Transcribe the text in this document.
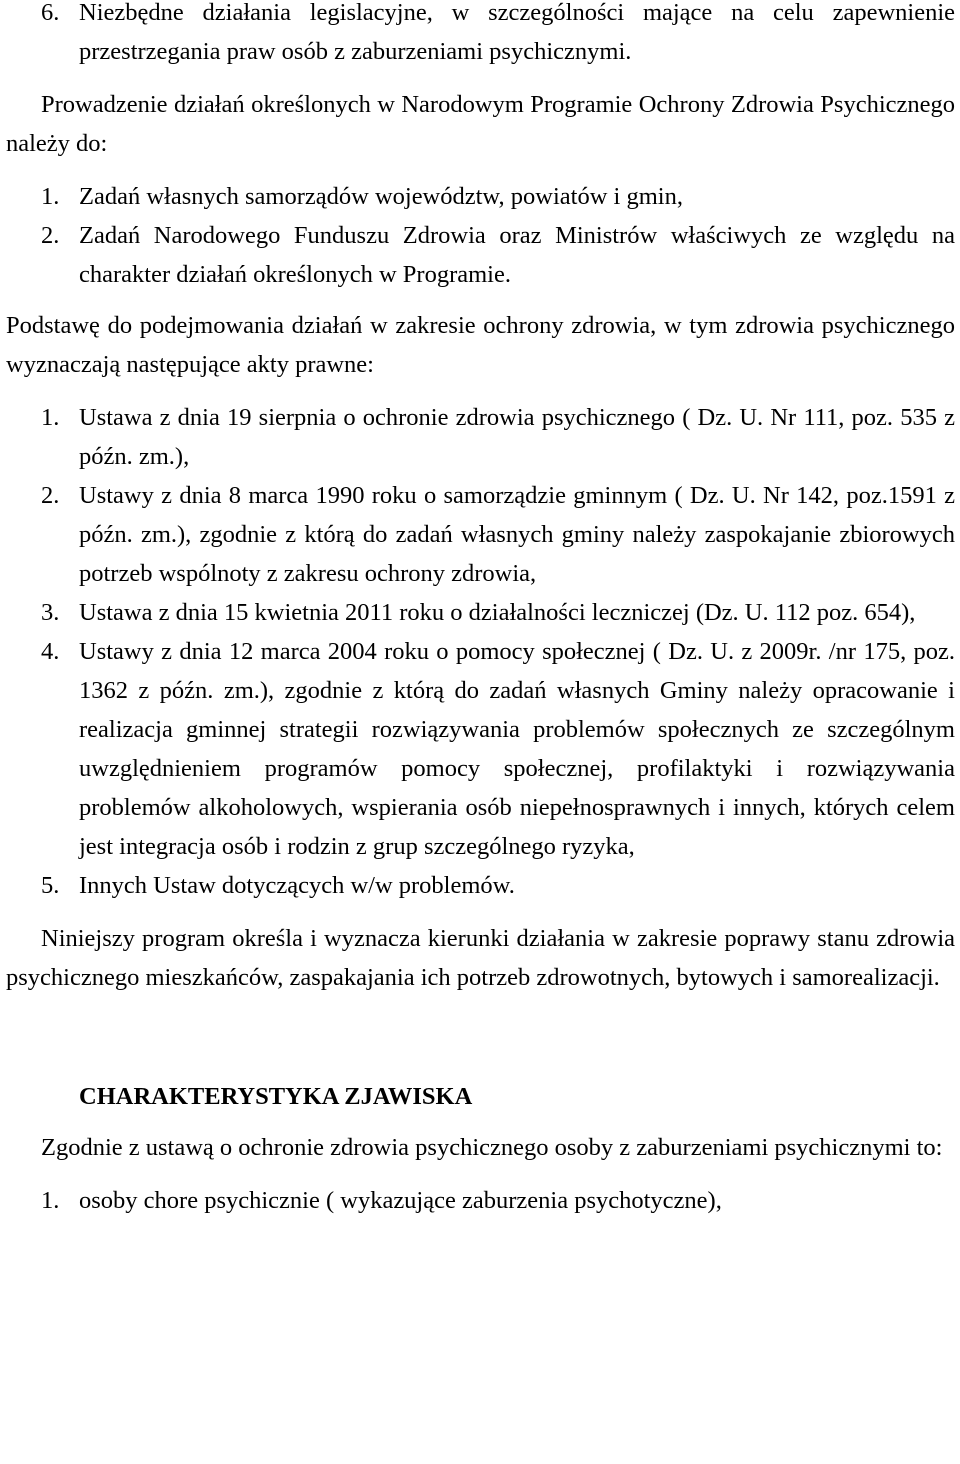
6. Niezbędne działania legislacyjne, w szczególności mające na celu zapewnienie przestrzegania praw osób z zaburzeniami psychicznymi.

Prowadzenie działań określonych w Narodowym Programie Ochrony Zdrowia Psychicznego należy do:

1. Zadań własnych samorządów województw, powiatów i gmin,
2. Zadań Narodowego Funduszu Zdrowia oraz Ministrów właściwych ze względu na charakter działań określonych w Programie.

Podstawę do podejmowania działań w zakresie ochrony zdrowia, w tym zdrowia psychicznego wyznaczają następujące akty prawne:

1. Ustawa z dnia 19 sierpnia o ochronie zdrowia psychicznego ( Dz. U. Nr 111, poz. 535 z późn. zm.),
2. Ustawy z dnia 8 marca 1990 roku o samorządzie gminnym ( Dz. U. Nr 142, poz.1591 z późn. zm.), zgodnie z którą do zadań własnych gminy należy zaspokajanie zbiorowych potrzeb wspólnoty z zakresu ochrony zdrowia,
3. Ustawa z dnia 15 kwietnia 2011 roku o działalności leczniczej (Dz. U. 112 poz. 654),
4. Ustawy z dnia 12 marca 2004 roku o pomocy społecznej ( Dz. U. z 2009r. /nr 175, poz. 1362 z późn. zm.), zgodnie z którą do zadań własnych Gminy należy opracowanie i realizacja gminnej strategii rozwiązywania problemów społecznych ze szczególnym uwzględnieniem programów pomocy społecznej, profilaktyki i rozwiązywania problemów alkoholowych, wspierania osób niepełnosprawnych i innych, których celem jest integracja osób i rodzin z grup szczególnego ryzyka,
5. Innych Ustaw dotyczących w/w problemów.

Niniejszy program określa i wyznacza kierunki działania w zakresie poprawy stanu zdrowia psychicznego mieszkańców, zaspakajania ich potrzeb zdrowotnych, bytowych i samorealizacji.

CHARAKTERYSTYKA ZJAWISKA

Zgodnie z ustawą o ochronie zdrowia psychicznego osoby z zaburzeniami psychicznymi to:

1. osoby chore psychicznie ( wykazujące zaburzenia psychotyczne),
